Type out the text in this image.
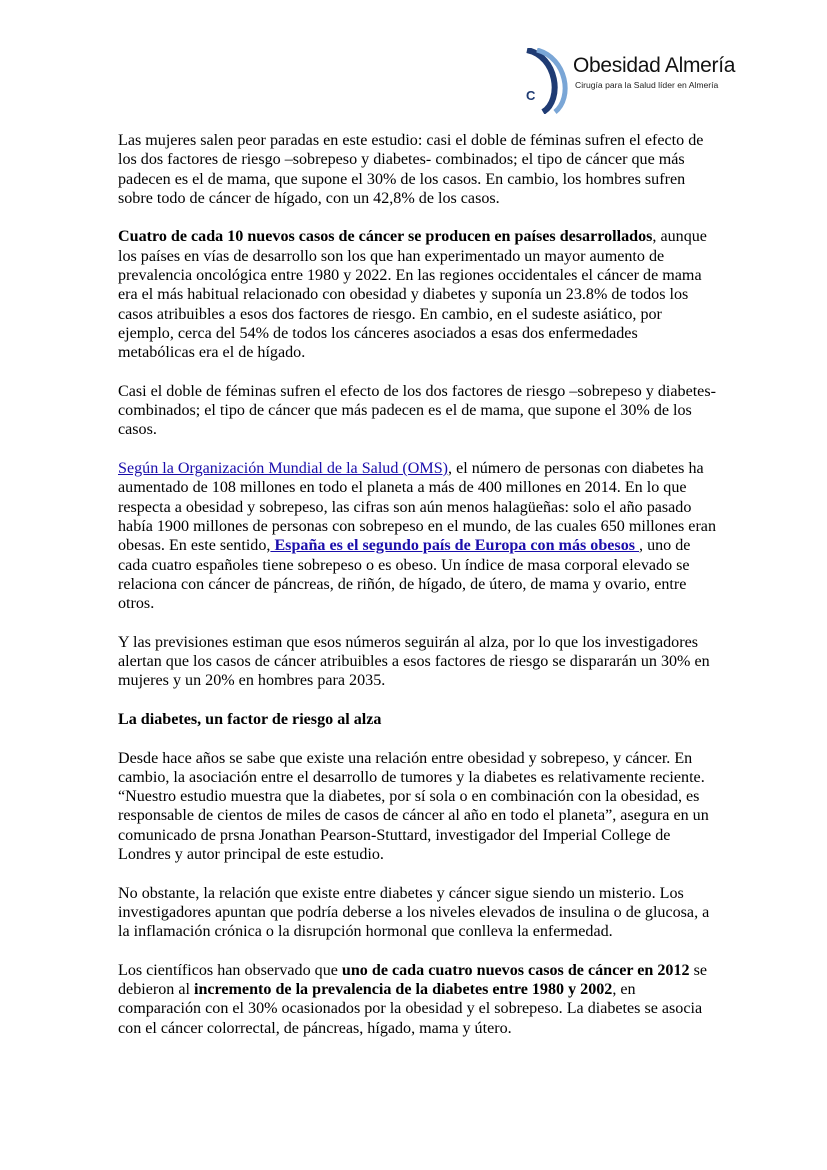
C
Obesidad Almería
Cirugía para la Salud líder en Almería

Las mujeres salen peor paradas en este estudio: casi el doble de féminas sufren el efecto de los dos factores de riesgo –sobrepeso y diabetes- combinados; el tipo de cáncer que más padecen es el de mama, que supone el 30% de los casos. En cambio, los hombres sufren sobre todo de cáncer de hígado, con un 42,8% de los casos.

Cuatro de cada 10 nuevos casos de cáncer se producen en países desarrollados, aunque los países en vías de desarrollo son los que han experimentado un mayor aumento de prevalencia oncológica entre 1980 y 2022. En las regiones occidentales el cáncer de mama era el más habitual relacionado con obesidad y diabetes y suponía un 23.8% de todos los casos atribuibles a esos dos factores de riesgo. En cambio, en el sudeste asiático, por ejemplo, cerca del 54% de todos los cánceres asociados a esas dos enfermedades metabólicas era el de hígado.

Casi el doble de féminas sufren el efecto de los dos factores de riesgo –sobrepeso y diabetes- combinados; el tipo de cáncer que más padecen es el de mama, que supone el 30% de los casos.

Según la Organización Mundial de la Salud (OMS), el número de personas con diabetes ha aumentado de 108 millones en todo el planeta a más de 400 millones en 2014. En lo que respecta a obesidad y sobrepeso, las cifras son aún menos halagüeñas: solo el año pasado había 1900 millones de personas con sobrepeso en el mundo, de las cuales 650 millones eran obesas. En este sentido, España es el segundo país de Europa con más obesos , uno de cada cuatro españoles tiene sobrepeso o es obeso. Un índice de masa corporal elevado se relaciona con cáncer de páncreas, de riñón, de hígado, de útero, de mama y ovario, entre otros.

Y las previsiones estiman que esos números seguirán al alza, por lo que los investigadores alertan que los casos de cáncer atribuibles a esos factores de riesgo se dispararán un 30% en mujeres y un 20% en hombres para 2035.

La diabetes, un factor de riesgo al alza

Desde hace años se sabe que existe una relación entre obesidad y sobrepeso, y cáncer. En cambio, la asociación entre el desarrollo de tumores y la diabetes es relativamente reciente. “Nuestro estudio muestra que la diabetes, por sí sola o en combinación con la obesidad, es responsable de cientos de miles de casos de cáncer al año en todo el planeta”, asegura en un comunicado de prsna Jonathan Pearson-Stuttard, investigador del Imperial College de Londres y autor principal de este estudio.

No obstante, la relación que existe entre diabetes y cáncer sigue siendo un misterio. Los investigadores apuntan que podría deberse a los niveles elevados de insulina o de glucosa, a la inflamación crónica o la disrupción hormonal que conlleva la enfermedad.

Los científicos han observado que uno de cada cuatro nuevos casos de cáncer en 2012 se debieron al incremento de la prevalencia de la diabetes entre 1980 y 2002, en comparación con el 30% ocasionados por la obesidad y el sobrepeso. La diabetes se asocia con el cáncer colorrectal, de páncreas, hígado, mama y útero.
